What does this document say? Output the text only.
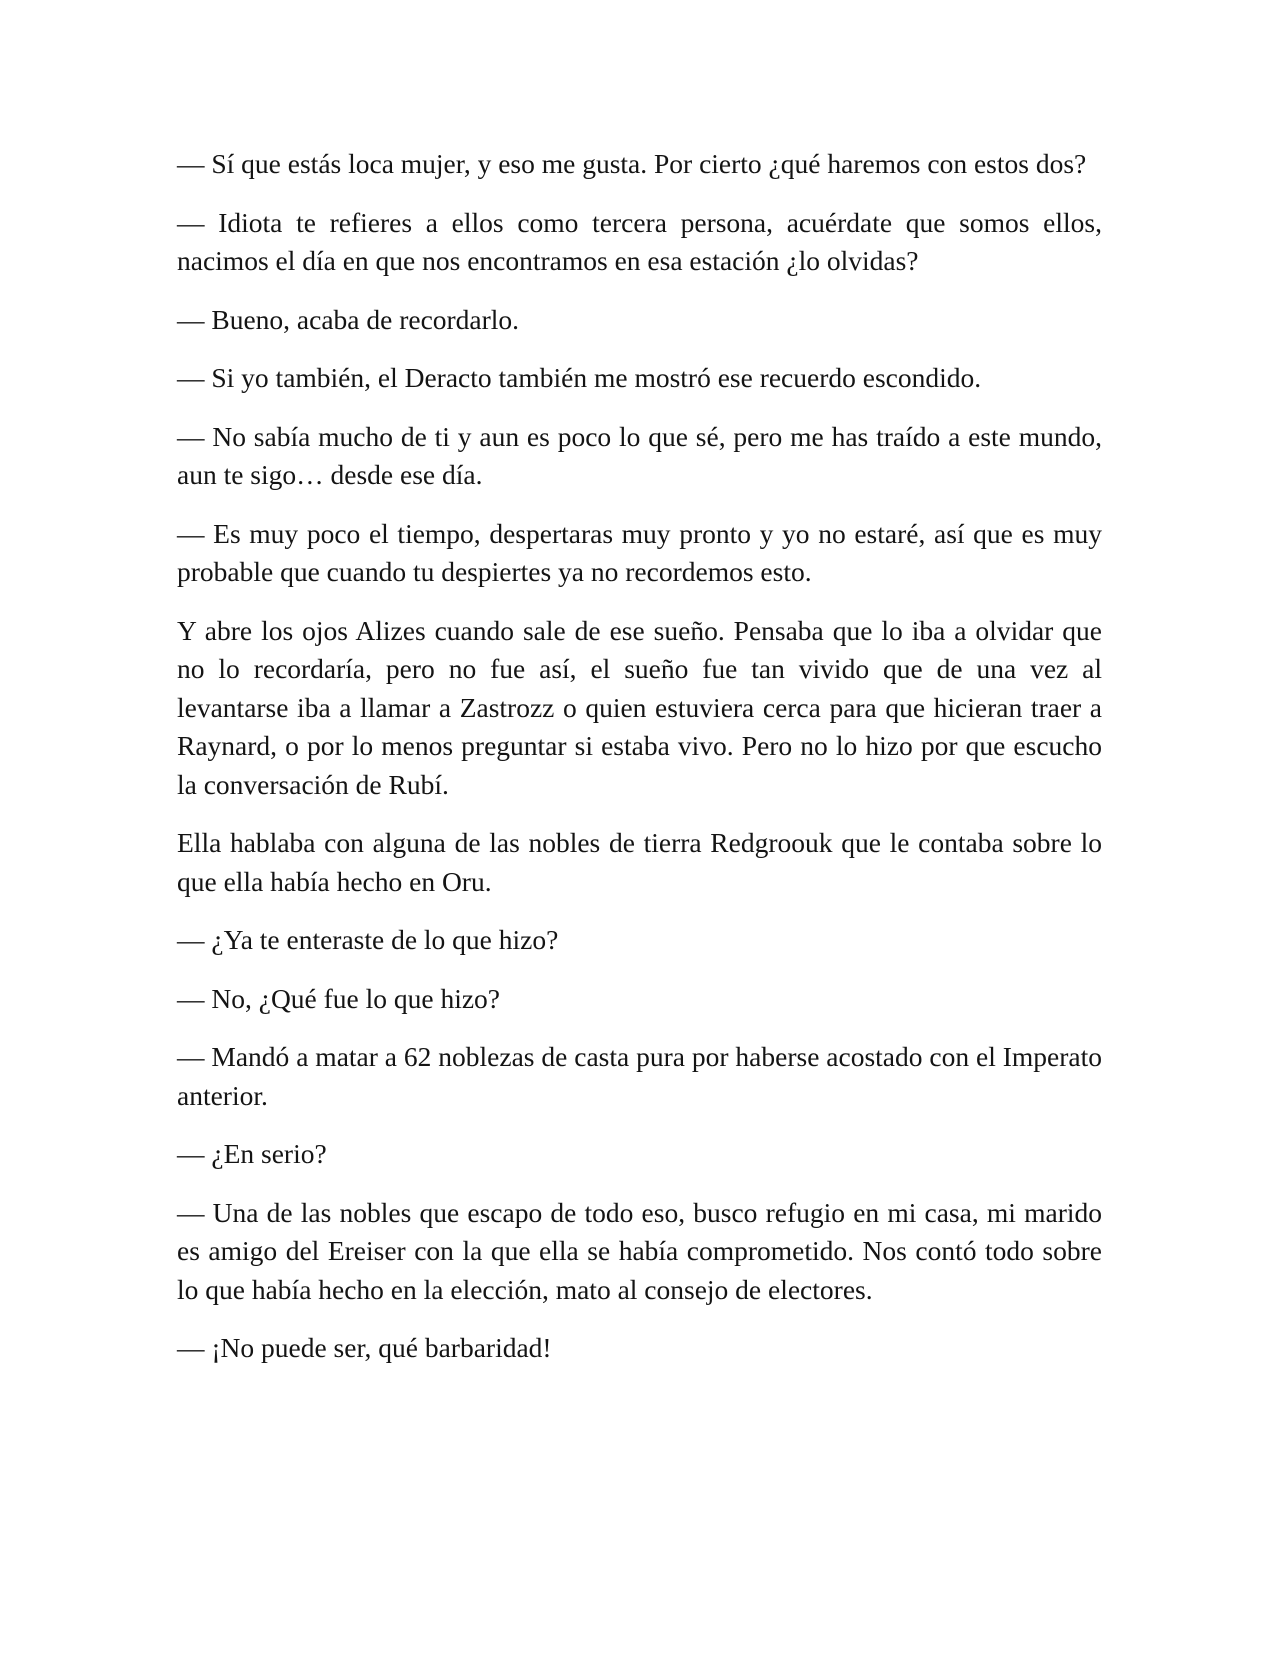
— Sí que estás loca mujer, y eso me gusta. Por cierto ¿qué haremos con estos dos?

— Idiota te refieres a ellos como tercera persona, acuérdate que somos ellos, nacimos el día en que nos encontramos en esa estación ¿lo olvidas?

— Bueno, acaba de recordarlo.

— Si yo también, el Deracto también me mostró ese recuerdo escondido.

— No sabía mucho de ti y aun es poco lo que sé, pero me has traído a este mundo, aun te sigo… desde ese día.

— Es muy poco el tiempo, despertaras muy pronto y yo no estaré, así que es muy probable que cuando tu despiertes ya no recordemos esto.

Y abre los ojos Alizes cuando sale de ese sueño. Pensaba que lo iba a olvidar que no lo recordaría, pero no fue así, el sueño fue tan vivido que de una vez al levantarse iba a llamar a Zastrozz o quien estuviera cerca para que hicieran traer a Raynard, o por lo menos preguntar si estaba vivo. Pero no lo hizo por que escucho la conversación de Rubí.

Ella hablaba con alguna de las nobles de tierra Redgroouk que le contaba sobre lo que ella había hecho en Oru.

— ¿Ya te enteraste de lo que hizo?

— No, ¿Qué fue lo que hizo?

— Mandó a matar a 62 noblezas de casta pura por haberse acostado con el Imperato anterior.

— ¿En serio?

— Una de las nobles que escapo de todo eso, busco refugio en mi casa, mi marido es amigo del Ereiser con la que ella se había comprometido. Nos contó todo sobre lo que había hecho en la elección, mato al consejo de electores.

— ¡No puede ser, qué barbaridad!
